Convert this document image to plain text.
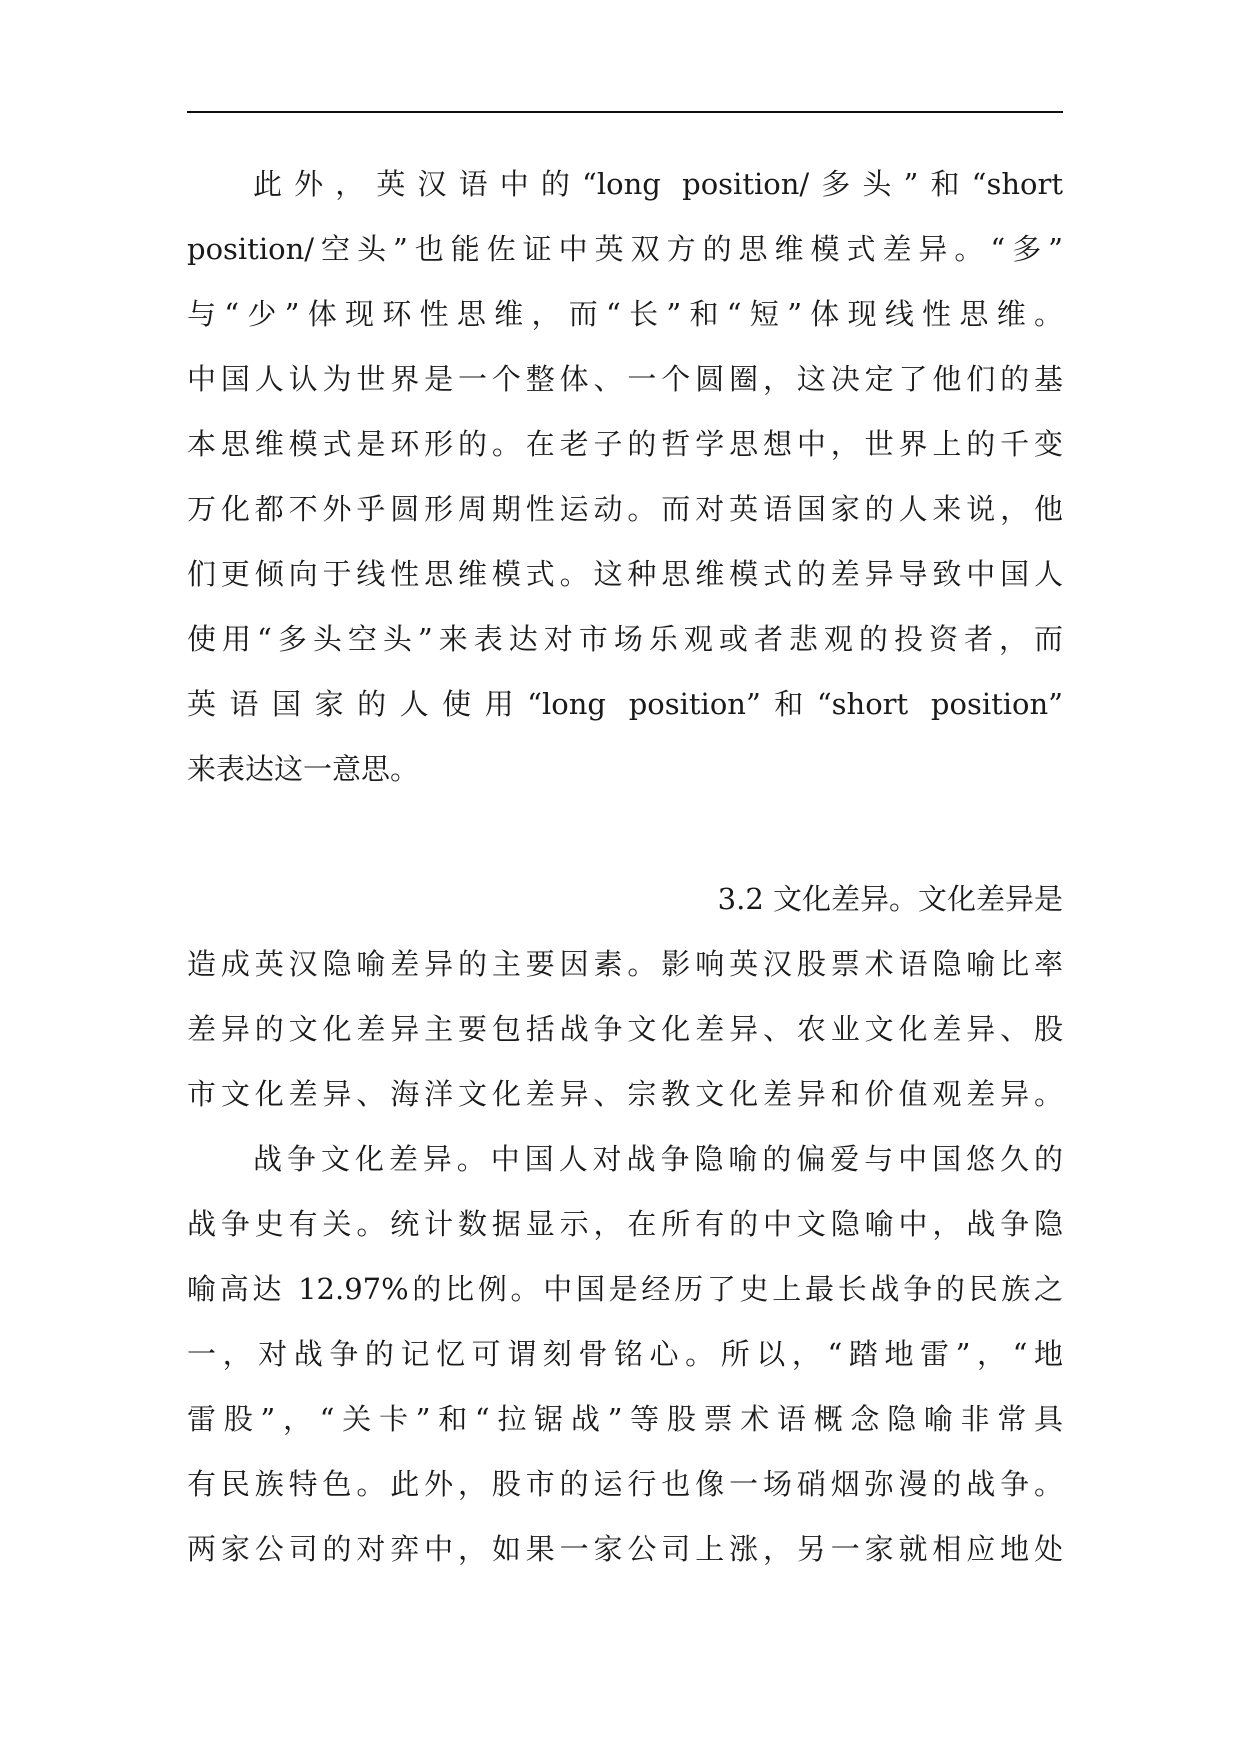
此外，英汉语中的“long position/多头”和“short

position/空头”也能佐证中英双方的思维模式差异。“多”

与“少”体现环性思维，而“长”和“短”体现线性思维。

中国人认为世界是一个整体、一个圆圈，这决定了他们的基

本思维模式是环形的。在老子的哲学思想中，世界上的千变

万化都不外乎圆形周期性运动。而对英语国家的人来说，他

们更倾向于线性思维模式。这种思维模式的差异导致中国人

使用“多头空头”来表达对市场乐观或者悲观的投资者，而

英语国家的人使用“long position”和“short position”

来表达这一意思。

3.2 文化差异。文化差异是

造成英汉隐喻差异的主要因素。影响英汉股票术语隐喻比率

差异的文化差异主要包括战争文化差异、农业文化差异、股

市文化差异、海洋文化差异、宗教文化差异和价值观差异。

战争文化差异。中国人对战争隐喻的偏爱与中国悠久的

战争史有关。统计数据显示，在所有的中文隐喻中，战争隐

喻高达 12.97%的比例。中国是经历了史上最长战争的民族之

一，对战争的记忆可谓刻骨铭心。所以，“踏地雷”，“地

雷股”，“关卡”和“拉锯战”等股票术语概念隐喻非常具

有民族特色。此外，股市的运行也像一场硝烟弥漫的战争。

两家公司的对弈中，如果一家公司上涨，另一家就相应地处
